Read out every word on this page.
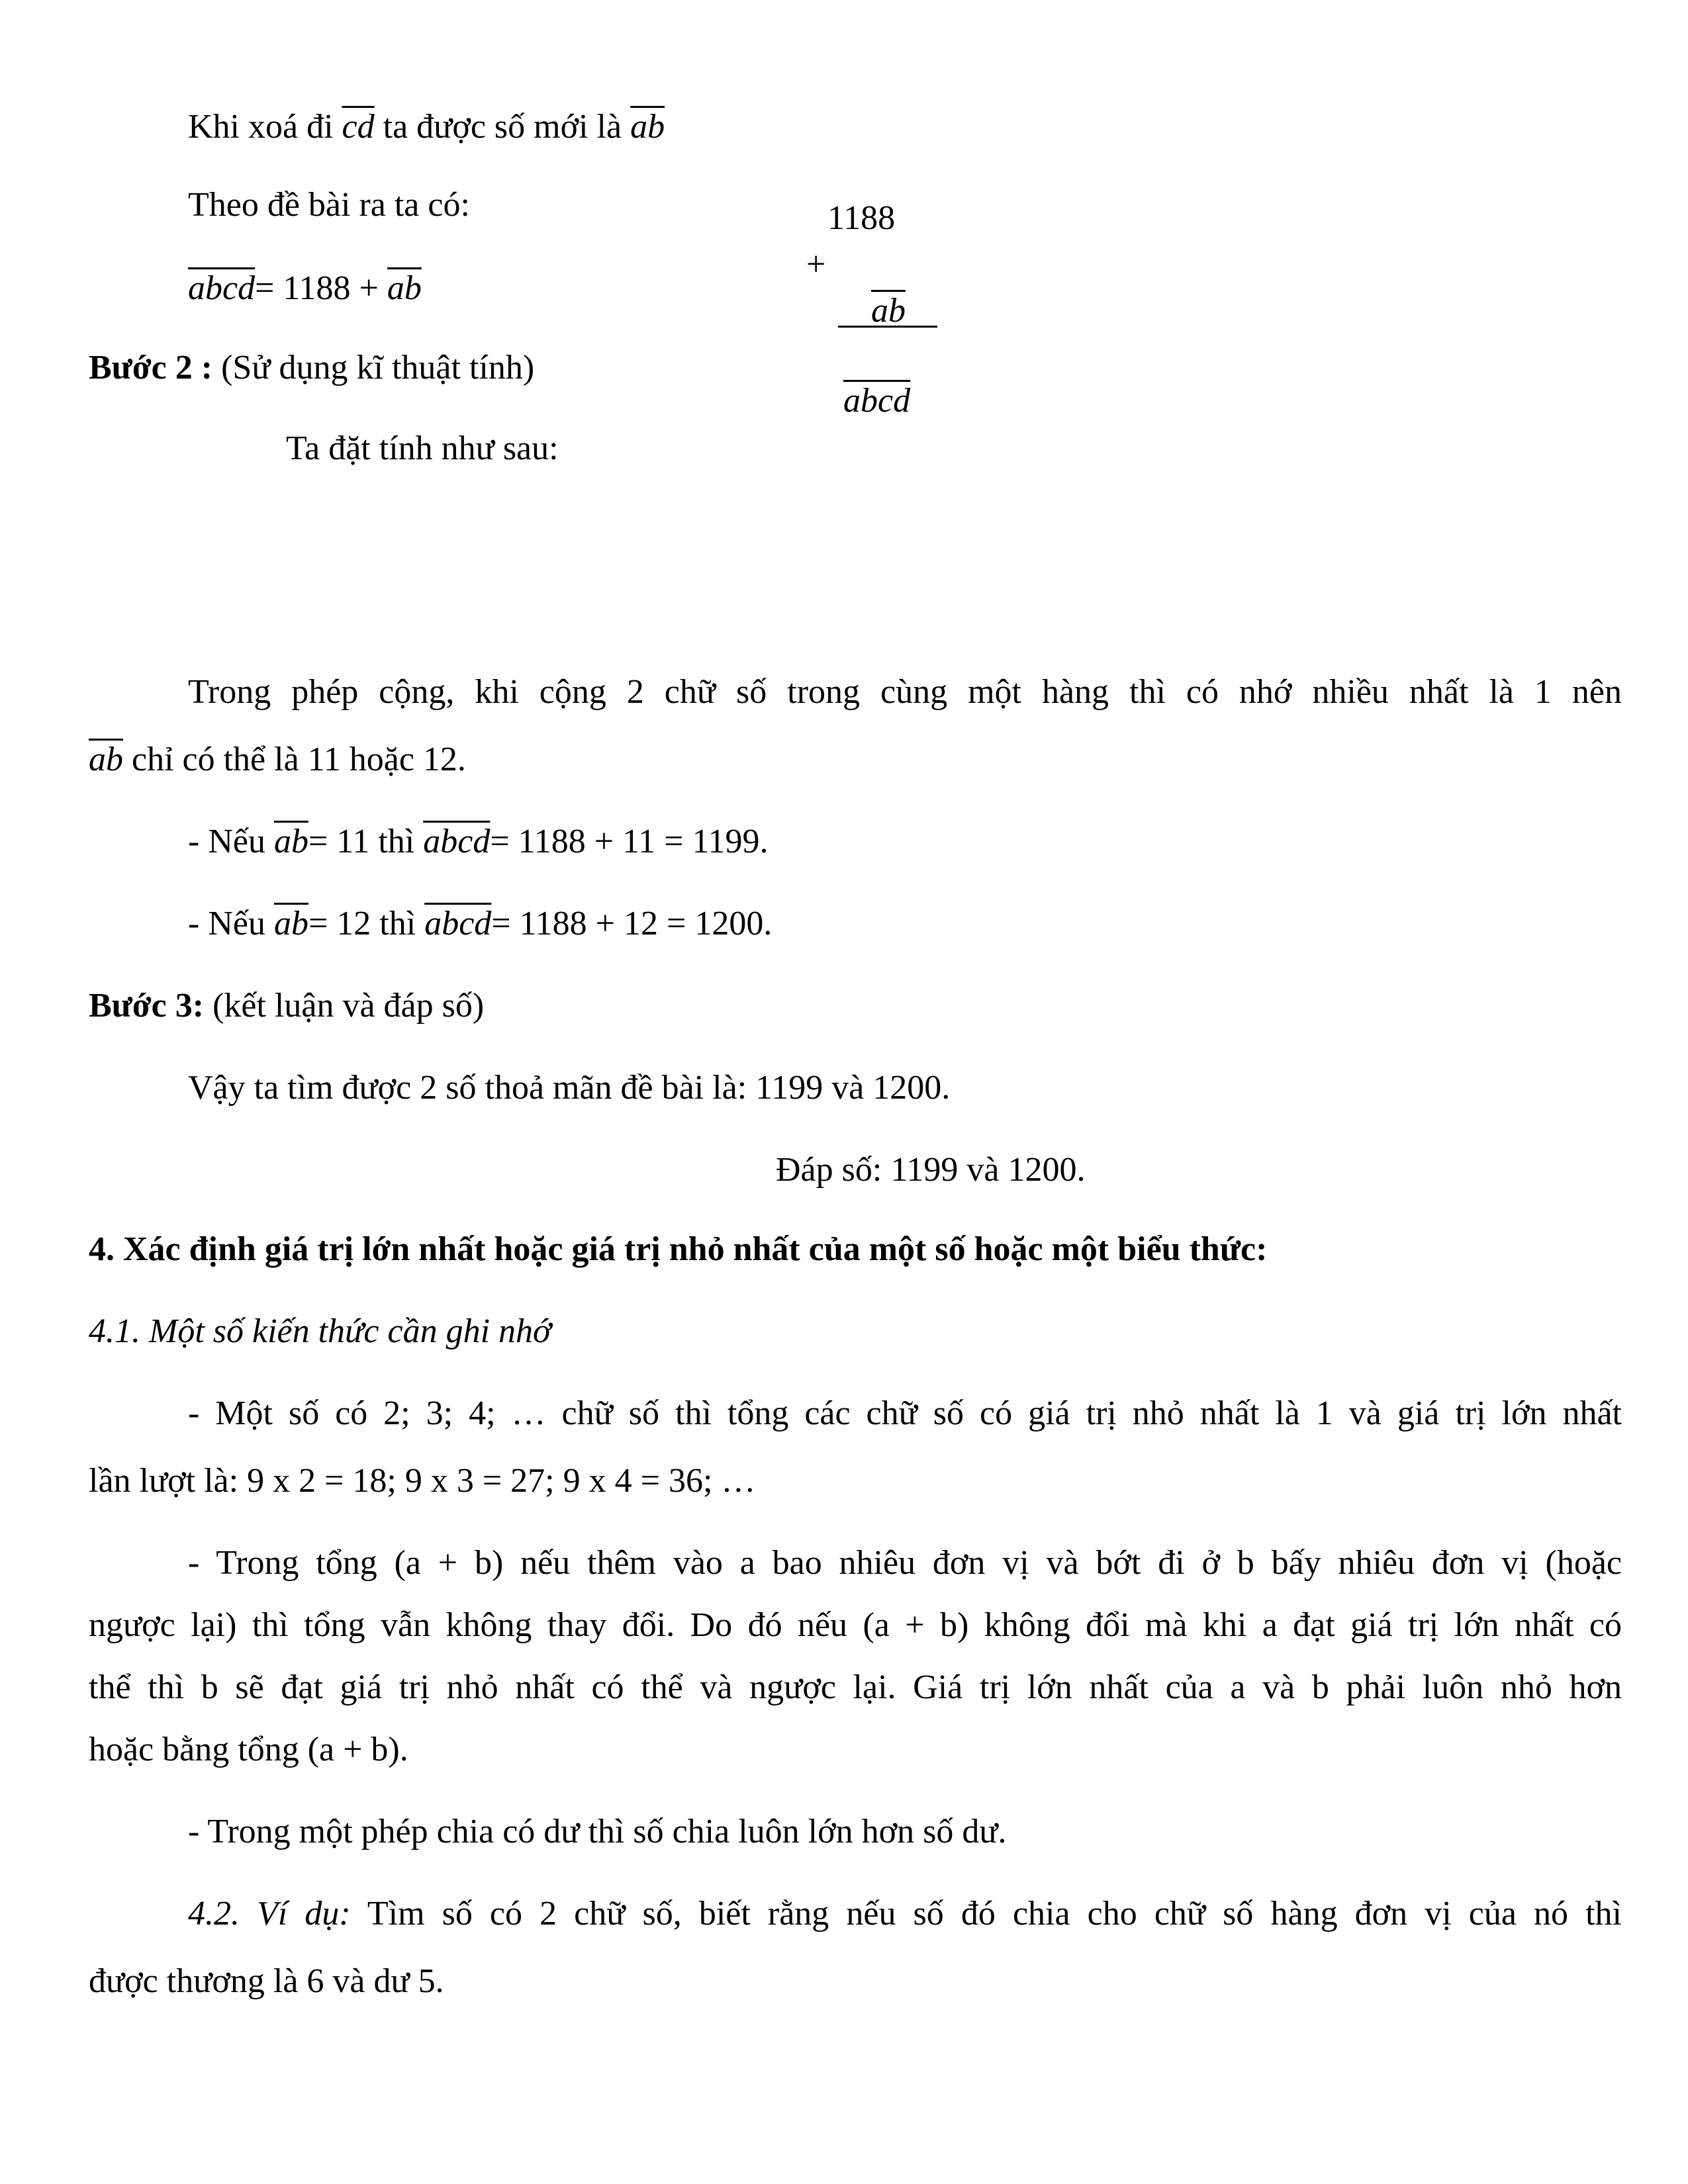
Khi xoá đi $\overline{cd}$ ta được số mới là $\overline{ab}$
Theo đề bài ra ta có:
abcd= $1188 + \overline{ab}$
1188
+
$\overline{ab}$
abcd
Bước 2 : (Sử dụng kĩ thuật tính)
Ta đặt tính như sau:
Trong phép cộng, khi cộng 2 chữ số trong cùng một hàng thì có nhớ nhiều nhất là 1 nên
$\overline{ab}$ chỉ có thể là 11 hoặc 12.
- Nếu $\overline{ab}= 11$ thì abcd= 1188 + 11 = 1199.
- Nếu $\overline{ab}= 12$ thì abcd= 1188 + 12 = 1200.
Bước 3: (kết luận và đáp số)
Vậy ta tìm được 2 số thoả mãn đề bài là: 1199 và 1200.
Đáp số: 1199 và 1200.
4. Xác định giá trị lớn nhất hoặc giá trị nhỏ nhất của một số hoặc một biểu thức:
4.1. Một số kiến thức cần ghi nhớ
- Một số có 2; 3; 4; … chữ số thì tổng các chữ số có giá trị nhỏ nhất là 1 và giá trị lớn nhất
lần lượt là: 9 x 2 = 18; 9 x 3 = 27; 9 x 4 = 36; …
- Trong tổng (a + b) nếu thêm vào a bao nhiêu đơn vị và bớt đi ở b bấy nhiêu đơn vị (hoặc
ngược lại) thì tổng vẫn không thay đổi. Do đó nếu (a + b) không đổi mà khi a đạt giá trị lớn nhất có
thể thì b sẽ đạt giá trị nhỏ nhất có thể và ngược lại. Giá trị lớn nhất của a và b phải luôn nhỏ hơn
hoặc bằng tổng (a + b).
- Trong một phép chia có dư thì số chia luôn lớn hơn số dư.
4.2. Ví dụ: Tìm số có 2 chữ số, biết rằng nếu số đó chia cho chữ số hàng đơn vị của nó thì
được thương là 6 và dư 5.
